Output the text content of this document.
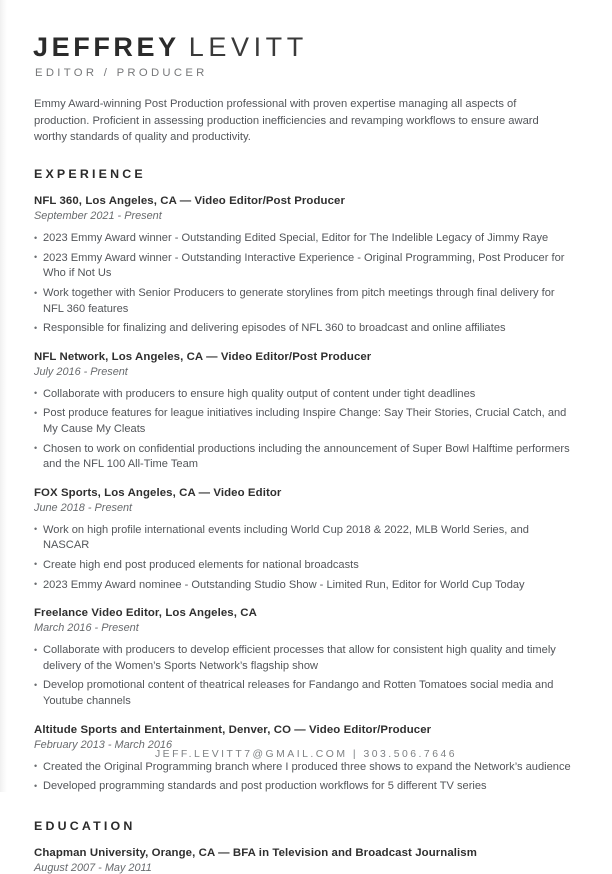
JEFFREY LEVITT
EDITOR / PRODUCER

Emmy Award-winning Post Production professional with proven expertise managing all aspects of production. Proficient in assessing production inefficiencies and revamping workflows to ensure award worthy standards of quality and productivity.

EXPERIENCE
NFL 360, Los Angeles, CA — Video Editor/Post Producer
September 2021 - Present
• 2023 Emmy Award winner - Outstanding Edited Special, Editor for The Indelible Legacy of Jimmy Raye
• 2023 Emmy Award winner - Outstanding Interactive Experience - Original Programming, Post Producer for Who if Not Us
• Work together with Senior Producers to generate storylines from pitch meetings through final delivery for NFL 360 features
• Responsible for finalizing and delivering episodes of NFL 360 to broadcast and online affiliates
NFL Network, Los Angeles, CA — Video Editor/Post Producer
July 2016 - Present
• Collaborate with producers to ensure high quality output of content under tight deadlines
• Post produce features for league initiatives including Inspire Change: Say Their Stories, Crucial Catch, and My Cause My Cleats
• Chosen to work on confidential productions including the announcement of Super Bowl Halftime performers and the NFL 100 All-Time Team
FOX Sports, Los Angeles, CA — Video Editor
June 2018 - Present
• Work on high profile international events including World Cup 2018 & 2022, MLB World Series, and NASCAR
• Create high end post produced elements for national broadcasts
• 2023 Emmy Award nominee - Outstanding Studio Show - Limited Run, Editor for World Cup Today
Freelance Video Editor, Los Angeles, CA
March 2016 - Present
• Collaborate with producers to develop efficient processes that allow for consistent high quality and timely delivery of the Women’s Sports Network’s flagship show
• Develop promotional content of theatrical releases for Fandango and Rotten Tomatoes social media and Youtube channels
Altitude Sports and Entertainment, Denver, CO — Video Editor/Producer
February 2013 - March 2016
• Created the Original Programming branch where I produced three shows to expand the Network’s audience
• Developed programming standards and post production workflows for 5 different TV series
EDUCATION
Chapman University, Orange, CA — BFA in Television and Broadcast Journalism
August 2007 - May 2011
JEFF.LEVITT7@GMAIL.COM | 303.506.7646
